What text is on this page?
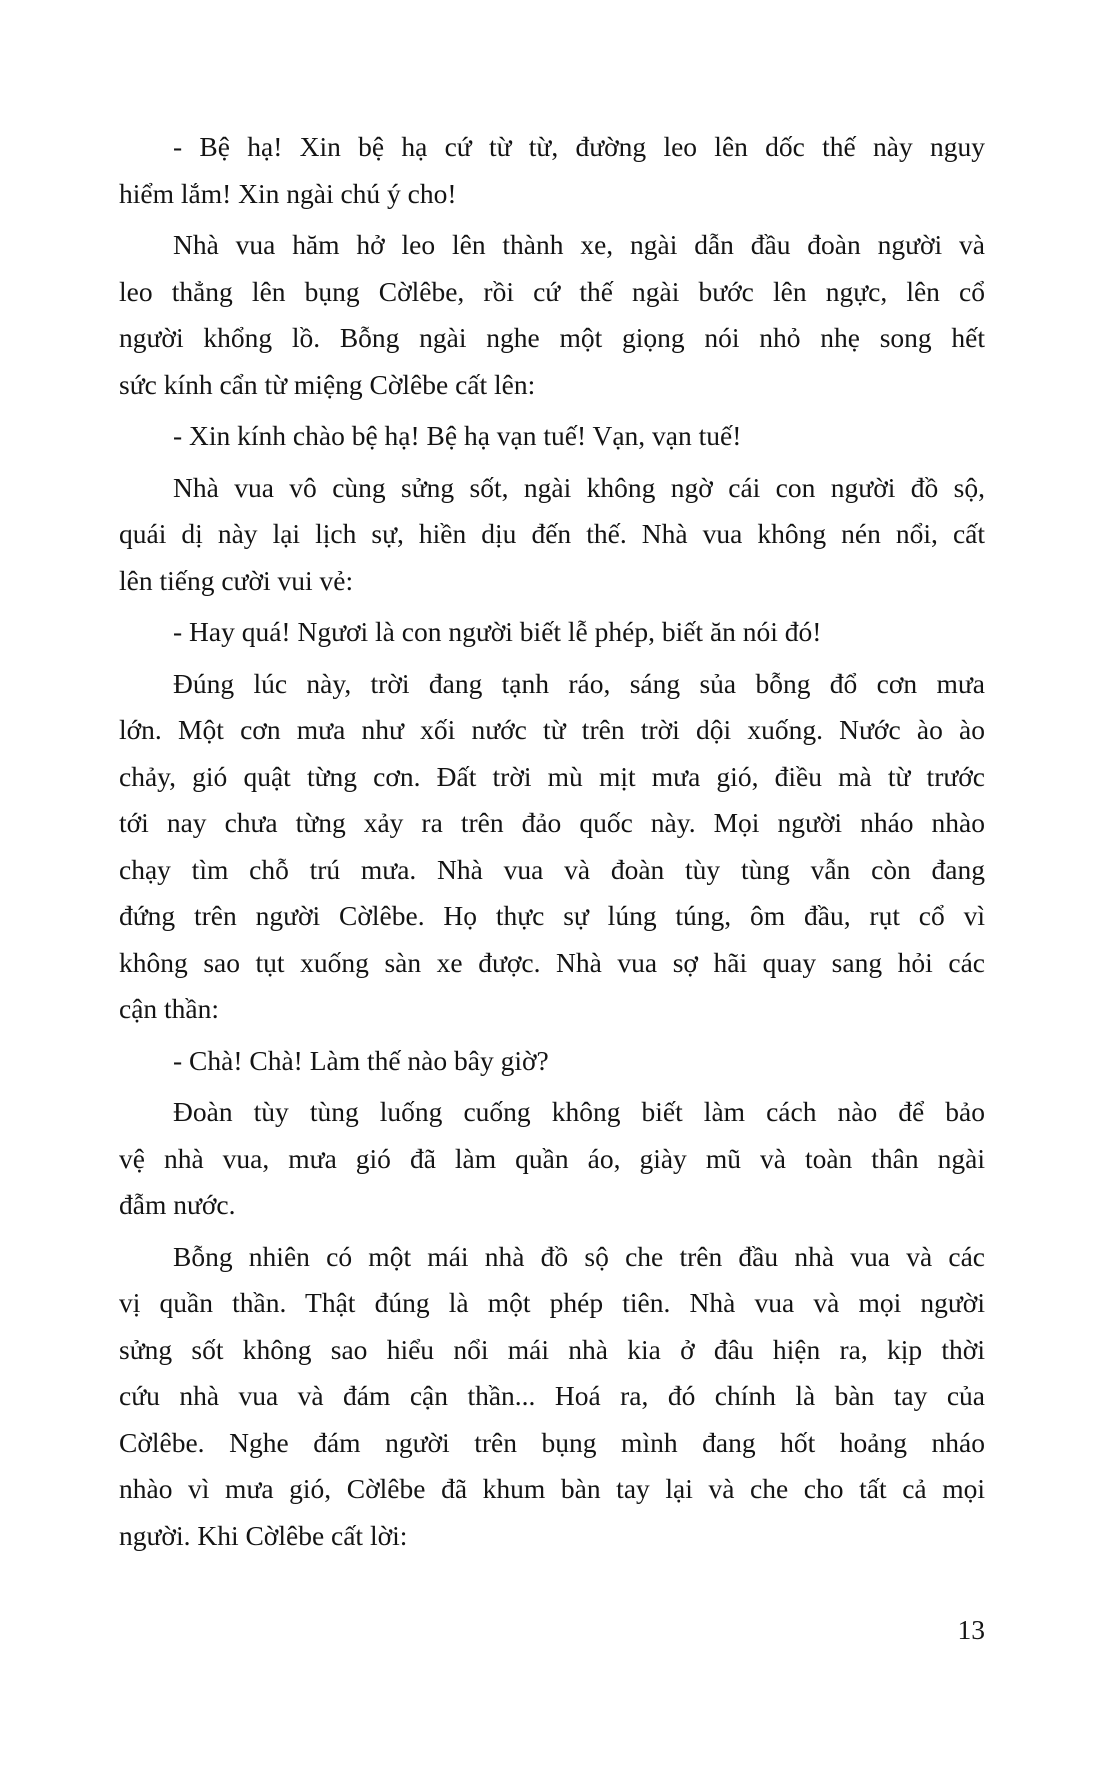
- Bệ hạ! Xin bệ hạ cứ từ từ, đường leo lên dốc thế này nguy
hiểm lắm! Xin ngài chú ý cho!
Nhà vua hăm hở leo lên thành xe, ngài dẫn đầu đoàn người và
leo thẳng lên bụng Cờlêbe, rồi cứ thế ngài bước lên ngực, lên cổ
người khổng lồ. Bỗng ngài nghe một giọng nói nhỏ nhẹ song hết
sức kính cẩn từ miệng Cờlêbe cất lên:
- Xin kính chào bệ hạ! Bệ hạ vạn tuế! Vạn, vạn tuế!
Nhà vua vô cùng sửng sốt, ngài không ngờ cái con người đồ sộ,
quái dị này lại lịch sự, hiền dịu đến thế. Nhà vua không nén nổi, cất
lên tiếng cười vui vẻ:
- Hay quá! Ngươi là con người biết lễ phép, biết ăn nói đó!
Đúng lúc này, trời đang tạnh ráo, sáng sủa bỗng đổ cơn mưa
lớn. Một cơn mưa như xối nước từ trên trời dội xuống. Nước ào ào
chảy, gió quật từng cơn. Đất trời mù mịt mưa gió, điều mà từ trước
tới nay chưa từng xảy ra trên đảo quốc này. Mọi người nháo nhào
chạy tìm chỗ trú mưa. Nhà vua và đoàn tùy tùng vẫn còn đang
đứng trên người Cờlêbe. Họ thực sự lúng túng, ôm đầu, rụt cổ vì
không sao tụt xuống sàn xe được. Nhà vua sợ hãi quay sang hỏi các
cận thần:
- Chà! Chà! Làm thế nào bây giờ?
Đoàn tùy tùng luống cuống không biết làm cách nào để bảo
vệ nhà vua, mưa gió đã làm quần áo, giày mũ và toàn thân ngài
đẫm nước.
Bỗng nhiên có một mái nhà đồ sộ che trên đầu nhà vua và các
vị quần thần. Thật đúng là một phép tiên. Nhà vua và mọi người
sửng sốt không sao hiểu nổi mái nhà kia ở đâu hiện ra, kịp thời
cứu nhà vua và đám cận thần... Hoá ra, đó chính là bàn tay của
Cờlêbe. Nghe đám người trên bụng mình đang hốt hoảng nháo
nhào vì mưa gió, Cờlêbe đã khum bàn tay lại và che cho tất cả mọi
người. Khi Cờlêbe cất lời:
13
